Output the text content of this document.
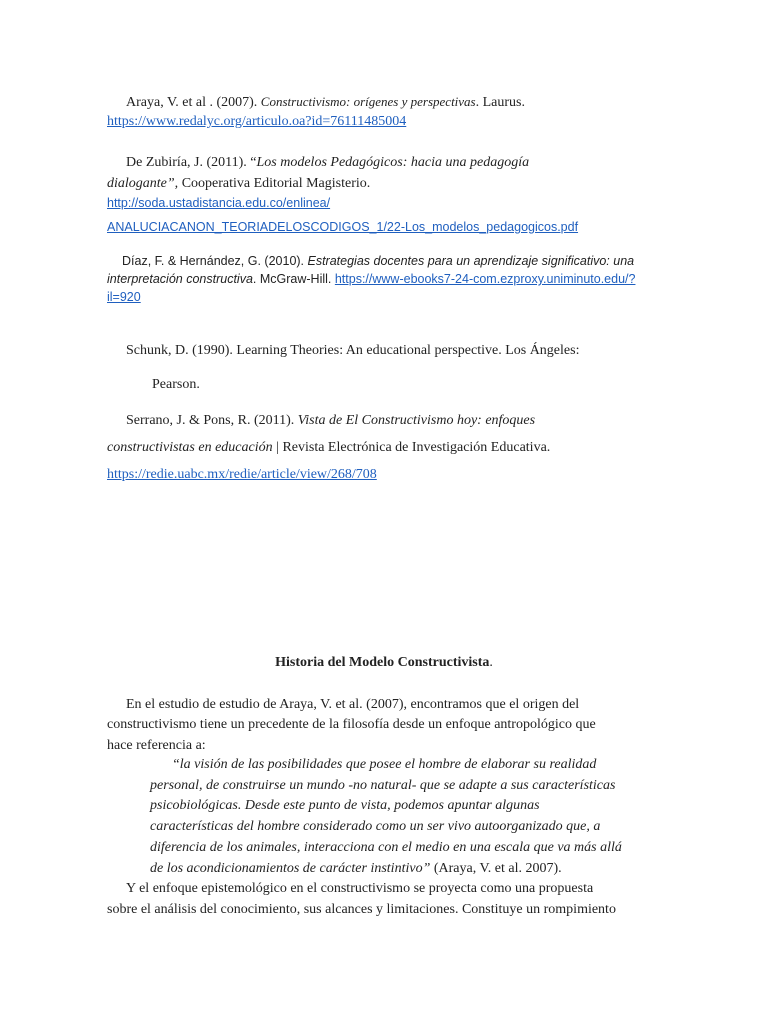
Araya, V. et al . (2007). Constructivismo: orígenes y perspectivas. Laurus.
https://www.redalyc.org/articulo.oa?id=76111485004
De Zubiría, J. (2011). “Los modelos Pedagógicos: hacia una pedagogía
dialogante”, Cooperativa Editorial Magisterio.
http://soda.ustadistancia.edu.co/enlinea/
ANALUCIACANON_TEORIADELOSCODIGOS_1/22-Los_modelos_pedagogicos.pdf
Díaz, F. & Hernández, G. (2010). Estrategias docentes para un aprendizaje significativo: una
interpretación constructiva. McGraw-Hill. https://www-ebooks7-24-com.ezproxy.uniminuto.edu/?
il=920
Schunk, D. (1990). Learning Theories: An educational perspective. Los Ángeles:
Pearson.
Serrano, J. & Pons, R. (2011). Vista de El Constructivismo hoy: enfoques
constructivistas en educación | Revista Electrónica de Investigación Educativa.
https://redie.uabc.mx/redie/article/view/268/708
Historia del Modelo Constructivista.
En el estudio de estudio de Araya, V. et al. (2007), encontramos que el origen del
constructivismo tiene un precedente de la filosofía desde un enfoque antropológico que
hace referencia a:
“la visión de las posibilidades que posee el hombre de elaborar su realidad
personal, de construirse un mundo -no natural- que se adapte a sus características
psicobiológicas. Desde este punto de vista, podemos apuntar algunas
características del hombre considerado como un ser vivo autoorganizado que, a
diferencia de los animales, interacciona con el medio en una escala que va más allá
de los acondicionamientos de carácter instintivo” (Araya, V. et al. 2007).
Y el enfoque epistemológico en el constructivismo se proyecta como una propuesta
sobre el análisis del conocimiento, sus alcances y limitaciones. Constituye un rompimiento
